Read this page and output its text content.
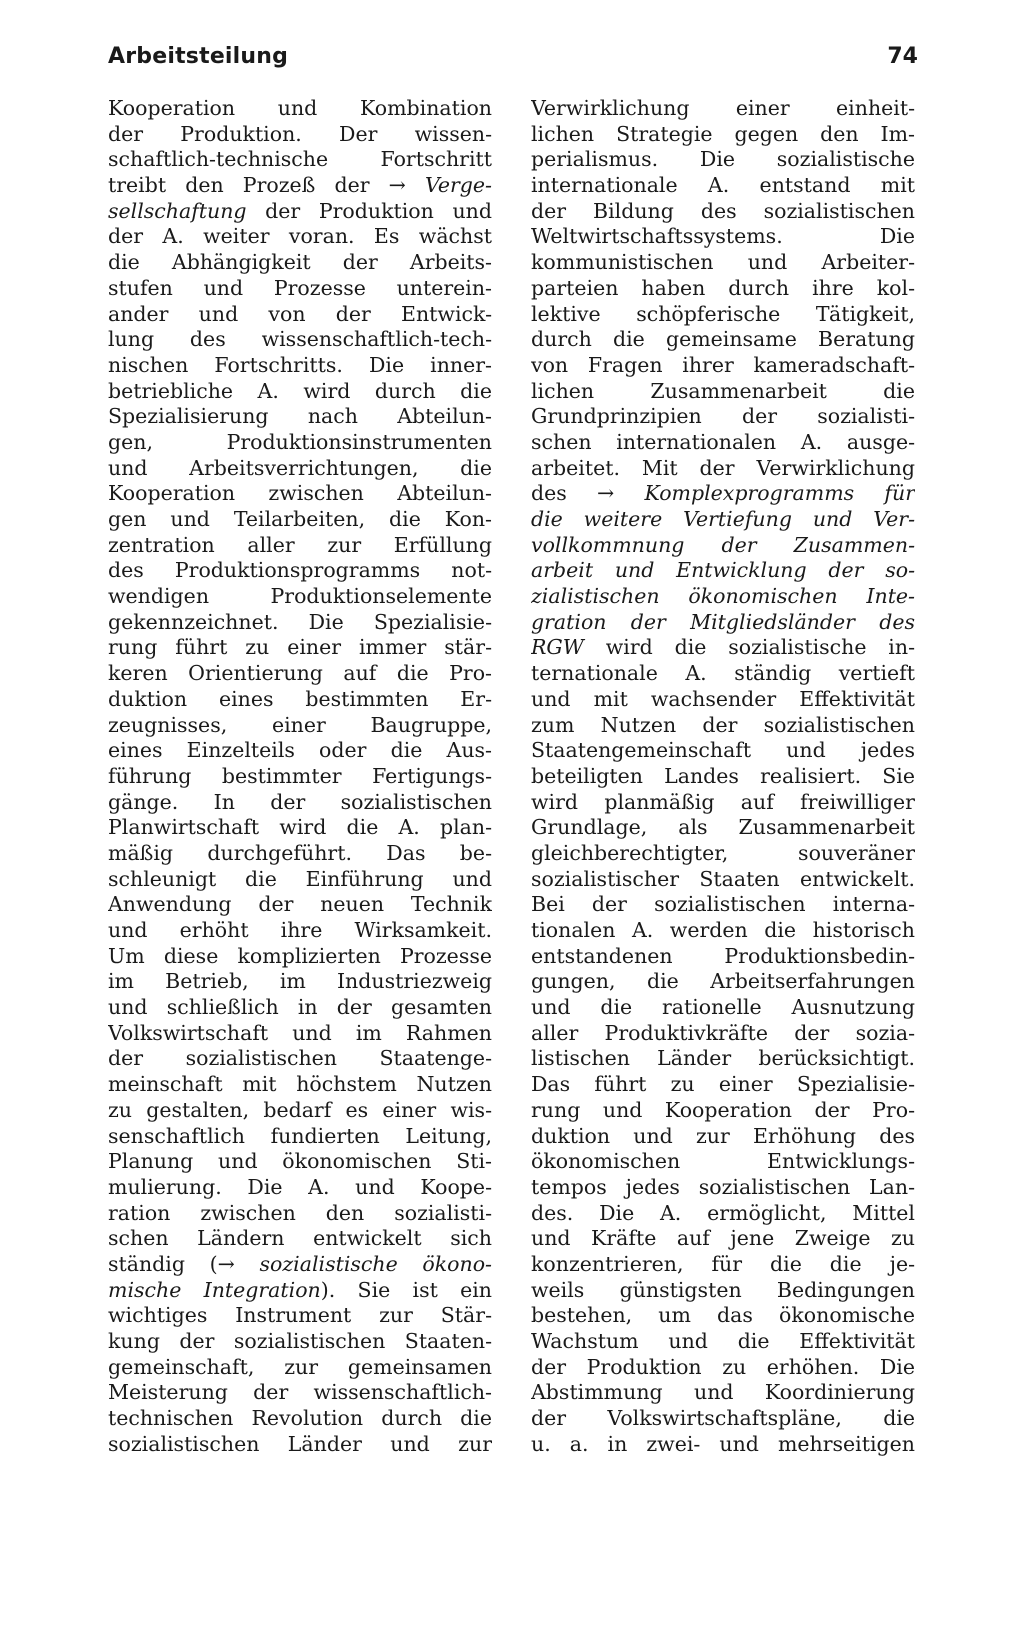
Arbeitsteilung	74
Kooperation und Kombination
der Produktion. Der wissen-
schaftlich-technische Fortschritt
treibt den Prozeß der → Verge-
sellschaftung der Produktion und
der A. weiter voran. Es wächst
die Abhängigkeit der Arbeits-
stufen und Prozesse unterein-
ander und von der Entwick-
lung des wissenschaftlich-tech-
nischen Fortschritts. Die inner-
betriebliche A. wird durch die
Spezialisierung nach Abteilun-
gen, Produktionsinstrumenten
und Arbeitsverrichtungen, die
Kooperation zwischen Abteilun-
gen und Teilarbeiten, die Kon-
zentration aller zur Erfüllung
des Produktionsprogramms not-
wendigen Produktionselemente
gekennzeichnet. Die Spezialisie-
rung führt zu einer immer stär-
keren Orientierung auf die Pro-
duktion eines bestimmten Er-
zeugnisses, einer Baugruppe,
eines Einzelteils oder die Aus-
führung bestimmter Fertigungs-
gänge. In der sozialistischen
Planwirtschaft wird die A. plan-
mäßig durchgeführt. Das be-
schleunigt die Einführung und
Anwendung der neuen Technik
und erhöht ihre Wirksamkeit.
Um diese komplizierten Prozesse
im Betrieb, im Industriezweig
und schließlich in der gesamten
Volkswirtschaft und im Rahmen
der sozialistischen Staatenge-
meinschaft mit höchstem Nutzen
zu gestalten, bedarf es einer wis-
senschaftlich fundierten Leitung,
Planung und ökonomischen Sti-
mulierung. Die A. und Koope-
ration zwischen den sozialisti-
schen Ländern entwickelt sich
ständig (→ sozialistische ökono-
mische Integration). Sie ist ein
wichtiges Instrument zur Stär-
kung der sozialistischen Staaten-
gemeinschaft, zur gemeinsamen
Meisterung der wissenschaftlich-
technischen Revolution durch die
sozialistischen Länder und zur
Verwirklichung einer einheit-
lichen Strategie gegen den Im-
perialismus. Die sozialistische
internationale A. entstand mit
der Bildung des sozialistischen
Weltwirtschaftssystems. Die
kommunistischen und Arbeiter-
parteien haben durch ihre kol-
lektive schöpferische Tätigkeit,
durch die gemeinsame Beratung
von Fragen ihrer kameradschaft-
lichen Zusammenarbeit die
Grundprinzipien der sozialisti-
schen internationalen A. ausge-
arbeitet. Mit der Verwirklichung
des → Komplexprogramms für
die weitere Vertiefung und Ver-
vollkommnung der Zusammen-
arbeit und Entwicklung der so-
zialistischen ökonomischen Inte-
gration der Mitgliedsländer des
RGW wird die sozialistische in-
ternationale A. ständig vertieft
und mit wachsender Effektivität
zum Nutzen der sozialistischen
Staatengemeinschaft und jedes
beteiligten Landes realisiert. Sie
wird planmäßig auf freiwilliger
Grundlage, als Zusammenarbeit
gleichberechtigter, souveräner
sozialistischer Staaten entwickelt.
Bei der sozialistischen interna-
tionalen A. werden die historisch
entstandenen Produktionsbedin-
gungen, die Arbeitserfahrungen
und die rationelle Ausnutzung
aller Produktivkräfte der sozia-
listischen Länder berücksichtigt.
Das führt zu einer Spezialisie-
rung und Kooperation der Pro-
duktion und zur Erhöhung des
ökonomischen Entwicklungs-
tempos jedes sozialistischen Lan-
des. Die A. ermöglicht, Mittel
und Kräfte auf jene Zweige zu
konzentrieren, für die die je-
weils günstigsten Bedingungen
bestehen, um das ökonomische
Wachstum und die Effektivität
der Produktion zu erhöhen. Die
Abstimmung und Koordinierung
der Volkswirtschaftspläne, die
u. a. in zwei- und mehrseitigen
